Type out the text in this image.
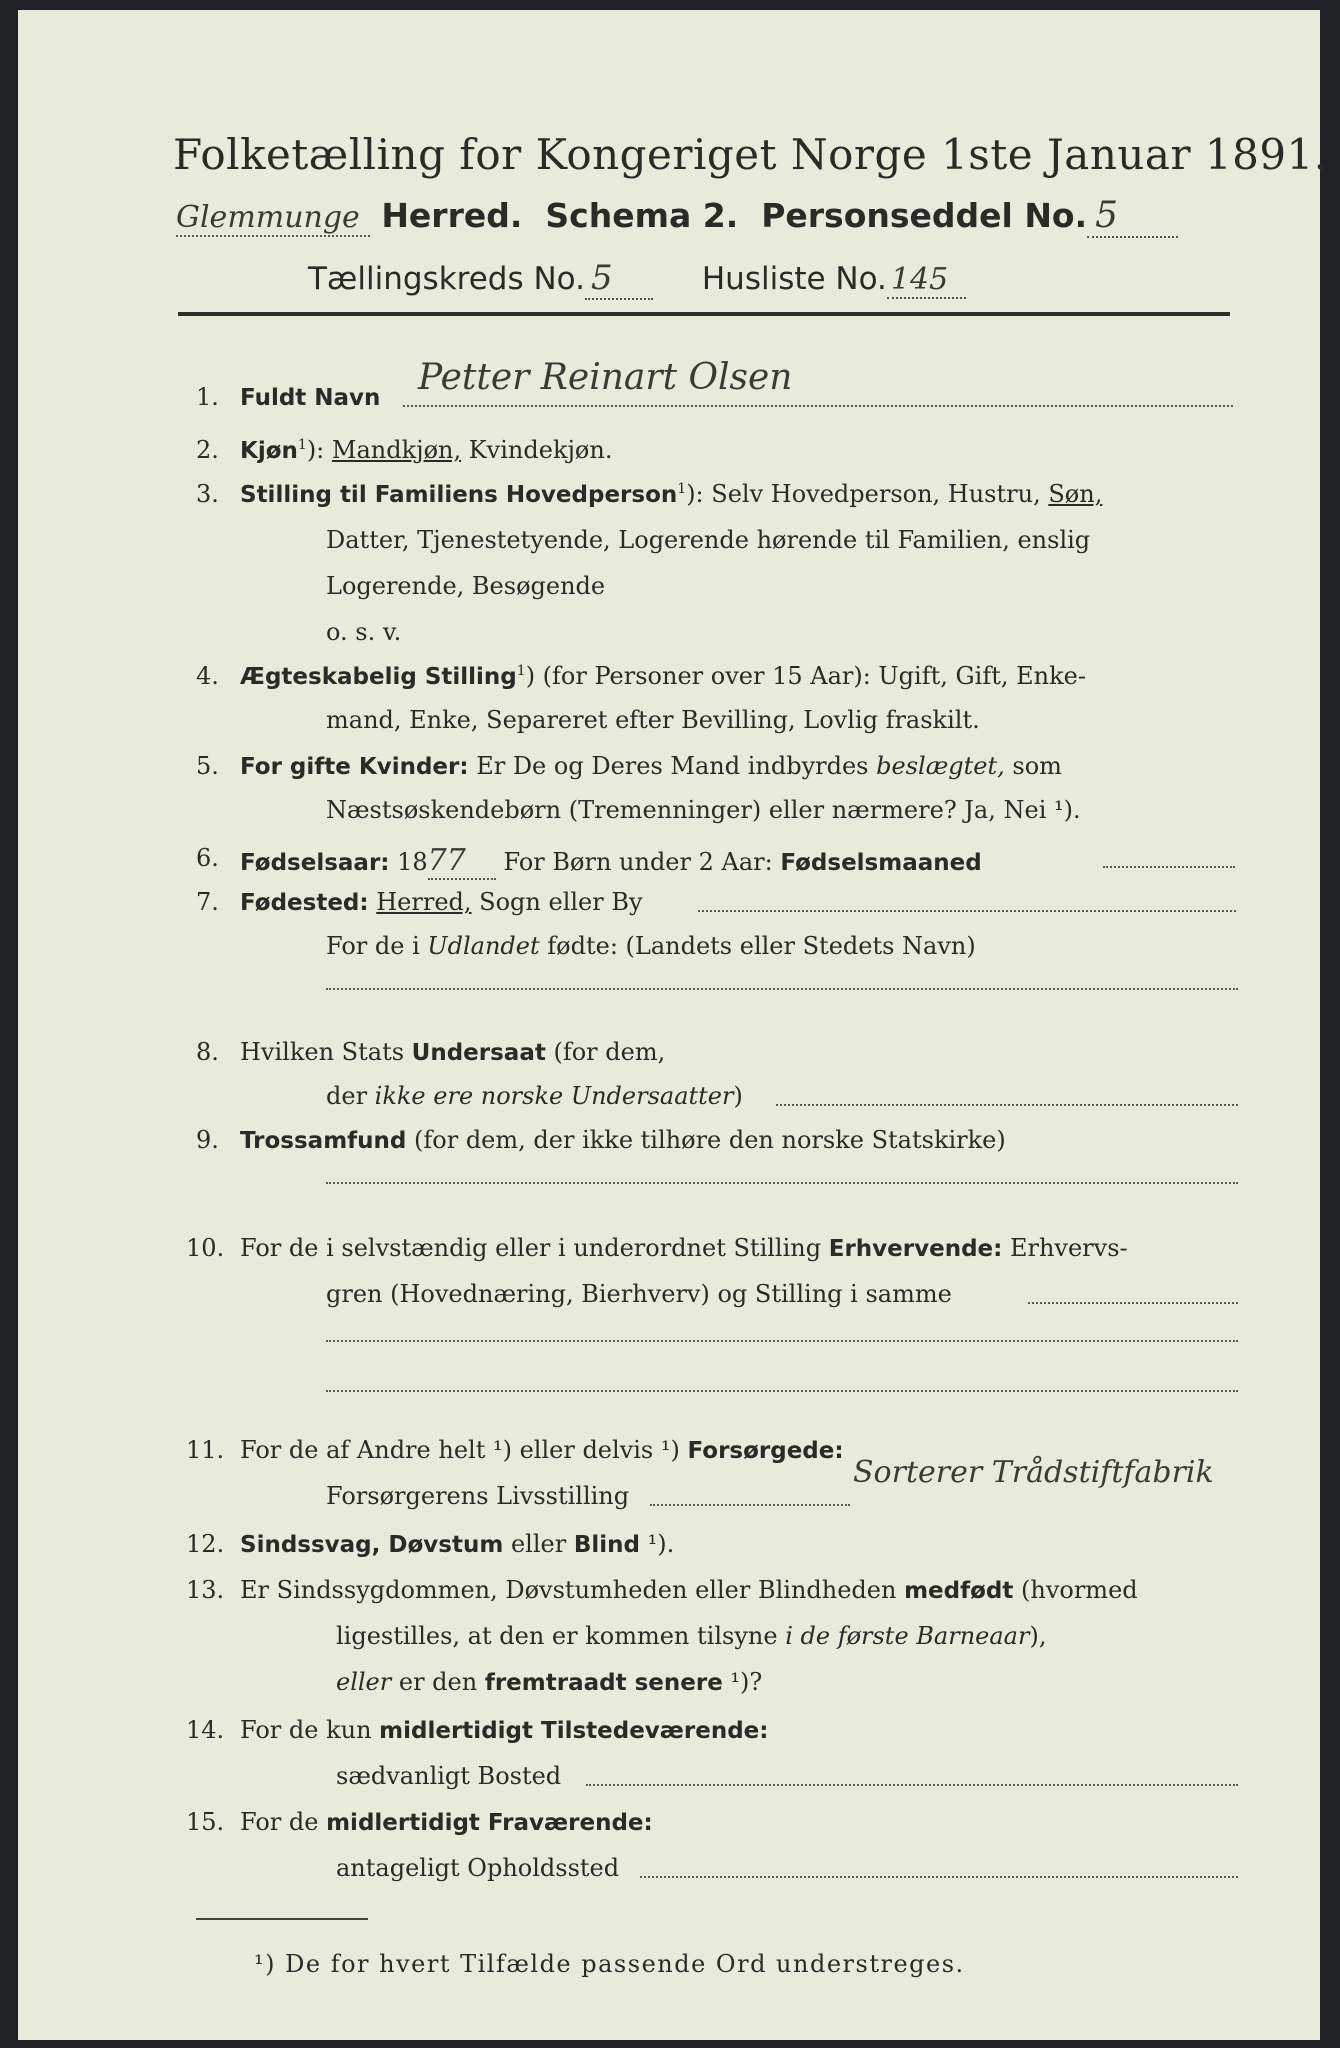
Folketælling for Kongeriget Norge 1ste Januar 1891.
Glemmunge Herred. Schema 2. Personseddel No. 5
Tællingskreds No. 5	Husliste No. 145
1. Fuldt Navn Petter Reinart Olsen
2. Kjøn$^1$): Mandkjøn, Kvindekjøn.
3. Stilling til Familiens Hovedperson$^1$): Selv Hovedperson, Hustru, Søn,
Datter, Tjenestetyende, Logerende hørende til Familien, enslig
Logerende, Besøgende
o. s. v.
4. Ægteskabelig Stilling$^1$) (for Personer over 15 Aar): Ugift, Gift, Enke-
mand, Enke, Separeret efter Bevilling, Lovlig fraskilt.
5. For gifte Kvinder: Er De og Deres Mand indbyrdes beslægtet, som
Næstsøskendebørn (Tremenninger) eller nærmere? Ja, Nei ¹).
6. Fødselsaar: 1877 For Børn under 2 Aar: Fødselsmaaned
7. Fødested: Herred, Sogn eller By
For de i Udlandet fødte: (Landets eller Stedets Navn)
8. Hvilken Stats Undersaat (for dem,
der ikke ere norske Undersaatter)
9. Trossamfund (for dem, der ikke tilhøre den norske Statskirke)
10. For de i selvstændig eller i underordnet Stilling Erhvervende: Erhvervs-
gren (Hovednæring, Bierhverv) og Stilling i samme
11. For de af Andre helt ¹) eller delvis ¹) Forsørgede:
Forsørgerens Livsstilling
Sorterer Trådstiftfabrik
12. Sindssvag, Døvstum eller Blind ¹).
13. Er Sindssygdommen, Døvstumheden eller Blindheden medfødt (hvormed
ligestilles, at den er kommen tilsyne i de første Barneaar),
eller er den fremtraadt senere ¹)?
14. For de kun midlertidigt Tilstedeværende:
sædvanligt Bosted
15. For de midlertidigt Fraværende:
antageligt Opholdssted
¹) De for hvert Tilfælde passende Ord understreges.
